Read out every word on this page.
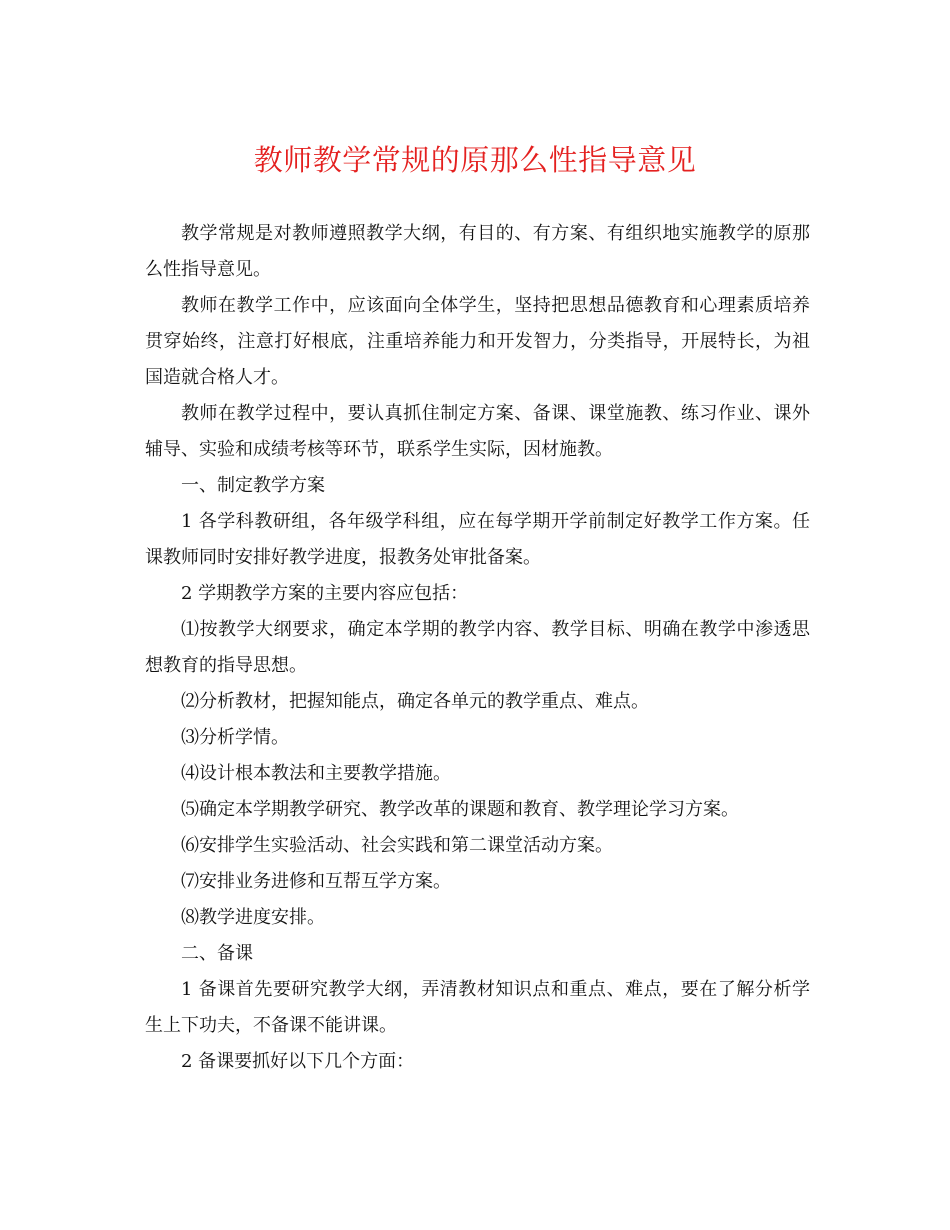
教师教学常规的原那么性指导意见

教学常规是对教师遵照教学大纲，有目的、有方案、有组织地实施教学的原那么性指导意见。

教师在教学工作中，应该面向全体学生，坚持把思想品德教育和心理素质培养贯穿始终，注意打好根底，注重培养能力和开发智力，分类指导，开展特长，为祖国造就合格人才。

教师在教学过程中，要认真抓住制定方案、备课、课堂施教、练习作业、课外辅导、实验和成绩考核等环节，联系学生实际，因材施教。

一、制定教学方案

1 各学科教研组，各年级学科组，应在每学期开学前制定好教学工作方案。任课教师同时安排好教学进度，报教务处审批备案。

2 学期教学方案的主要内容应包括：

⑴按教学大纲要求，确定本学期的教学内容、教学目标、明确在教学中渗透思想教育的指导思想。

⑵分析教材，把握知能点，确定各单元的教学重点、难点。

⑶分析学情。

⑷设计根本教法和主要教学措施。

⑸确定本学期教学研究、教学改革的课题和教育、教学理论学习方案。

⑹安排学生实验活动、社会实践和第二课堂活动方案。

⑺安排业务进修和互帮互学方案。

⑻教学进度安排。

二、备课

1 备课首先要研究教学大纲，弄清教材知识点和重点、难点，要在了解分析学生上下功夫，不备课不能讲课。

2 备课要抓好以下几个方面：
